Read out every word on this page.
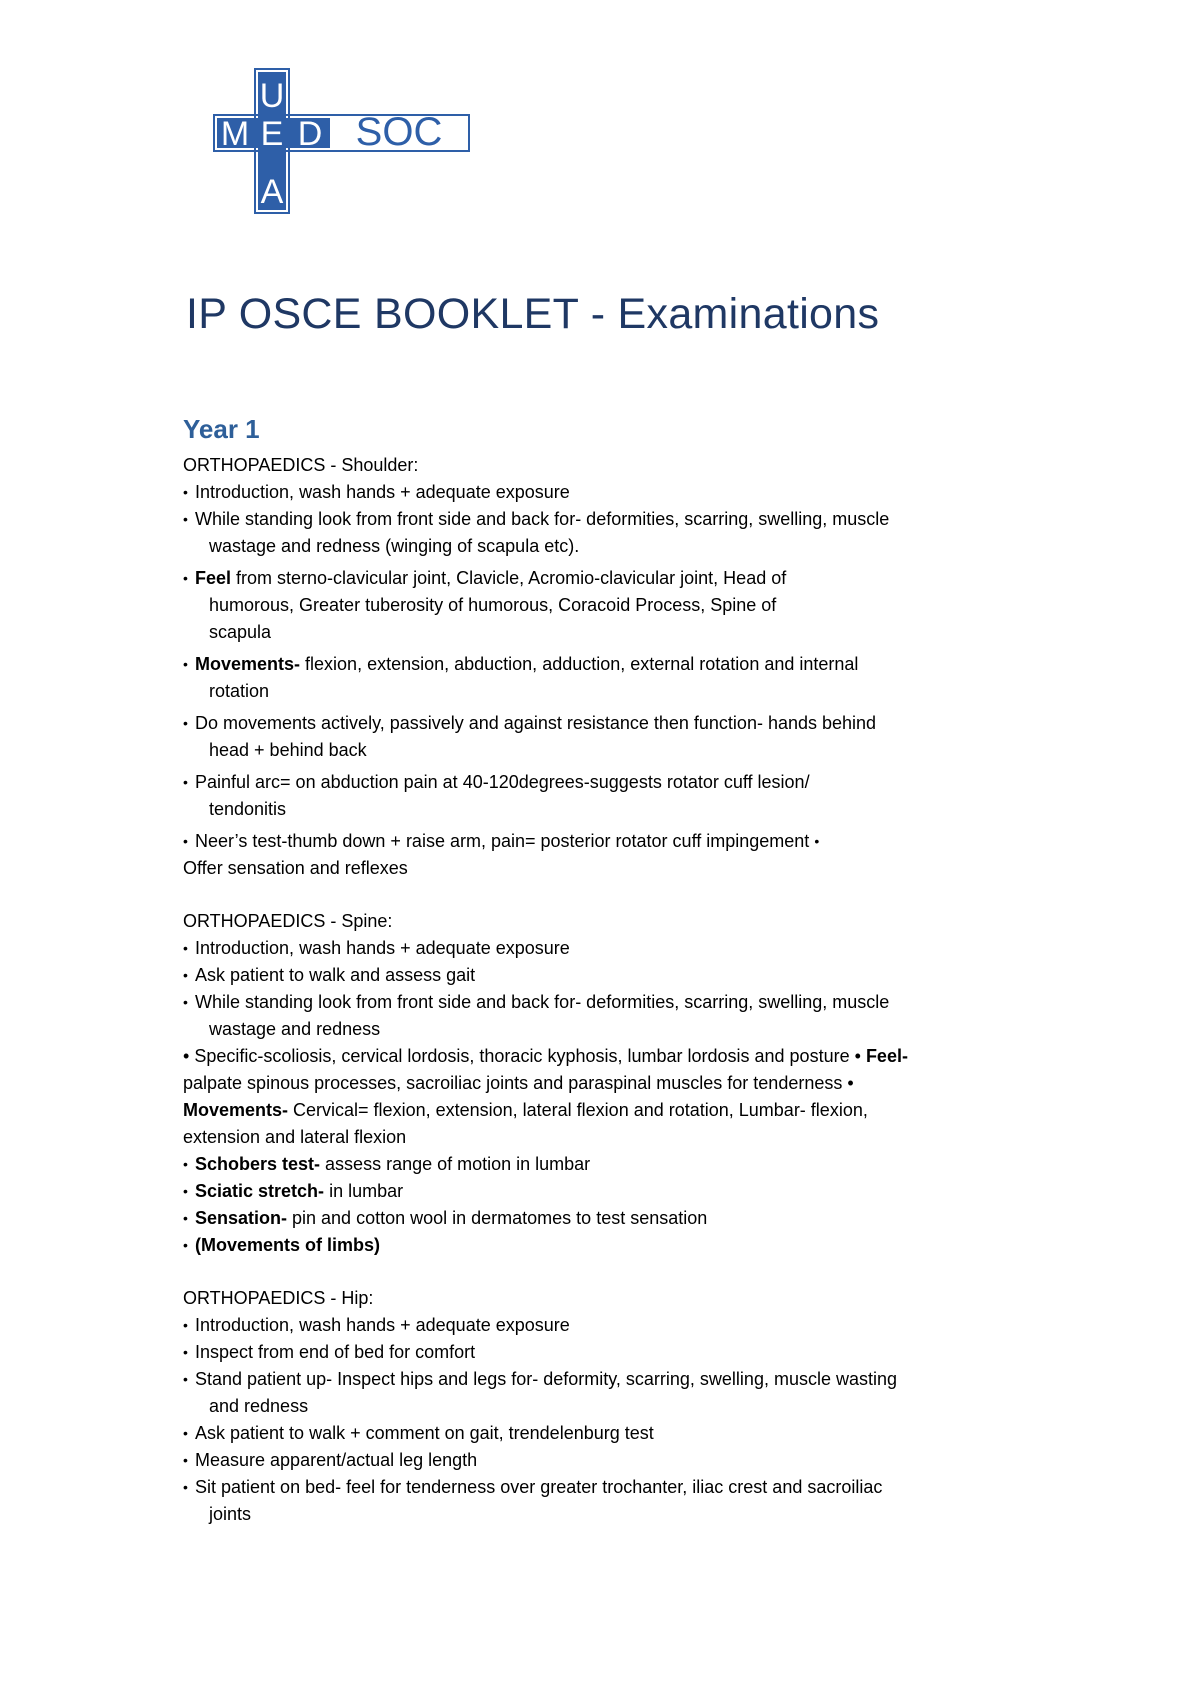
U
M E D
A
SOC
IP OSCE BOOKLET - Examinations
Year 1

ORTHOPAEDICS - Shoulder:

• Introduction, wash hands + adequate exposure

• While standing look from front side and back for- deformities, scarring, swelling, muscle
wastage and redness (winging of scapula etc).

• Feel from sterno-clavicular joint, Clavicle, Acromio-clavicular joint, Head of
humorous, Greater tuberosity of humorous, Coracoid Process, Spine of
scapula

• Movements- flexion, extension, abduction, adduction, external rotation and internal
rotation

• Do movements actively, passively and against resistance then function- hands behind
head + behind back

• Painful arc= on abduction pain at 40-120degrees-suggests rotator cuff lesion/
tendonitis

• Neer’s test-thumb down + raise arm, pain= posterior rotator cuff impingement •

Offer sensation and reflexes

ORTHOPAEDICS - Spine:

• Introduction, wash hands + adequate exposure

• Ask patient to walk and assess gait

• While standing look from front side and back for- deformities, scarring, swelling, muscle
wastage and redness

• Specific-scoliosis, cervical lordosis, thoracic kyphosis, lumbar lordosis and posture • Feel-

palpate spinous processes, sacroiliac joints and paraspinal muscles for tenderness •

Movements- Cervical= flexion, extension, lateral flexion and rotation, Lumbar- flexion,

extension and lateral flexion

• Schobers test- assess range of motion in lumbar

• Sciatic stretch- in lumbar

• Sensation- pin and cotton wool in dermatomes to test sensation

• (Movements of limbs)

ORTHOPAEDICS - Hip:

• Introduction, wash hands + adequate exposure

• Inspect from end of bed for comfort

• Stand patient up- Inspect hips and legs for- deformity, scarring, swelling, muscle wasting
and redness

• Ask patient to walk + comment on gait, trendelenburg test

• Measure apparent/actual leg length

• Sit patient on bed- feel for tenderness over greater trochanter, iliac crest and sacroiliac
joints
